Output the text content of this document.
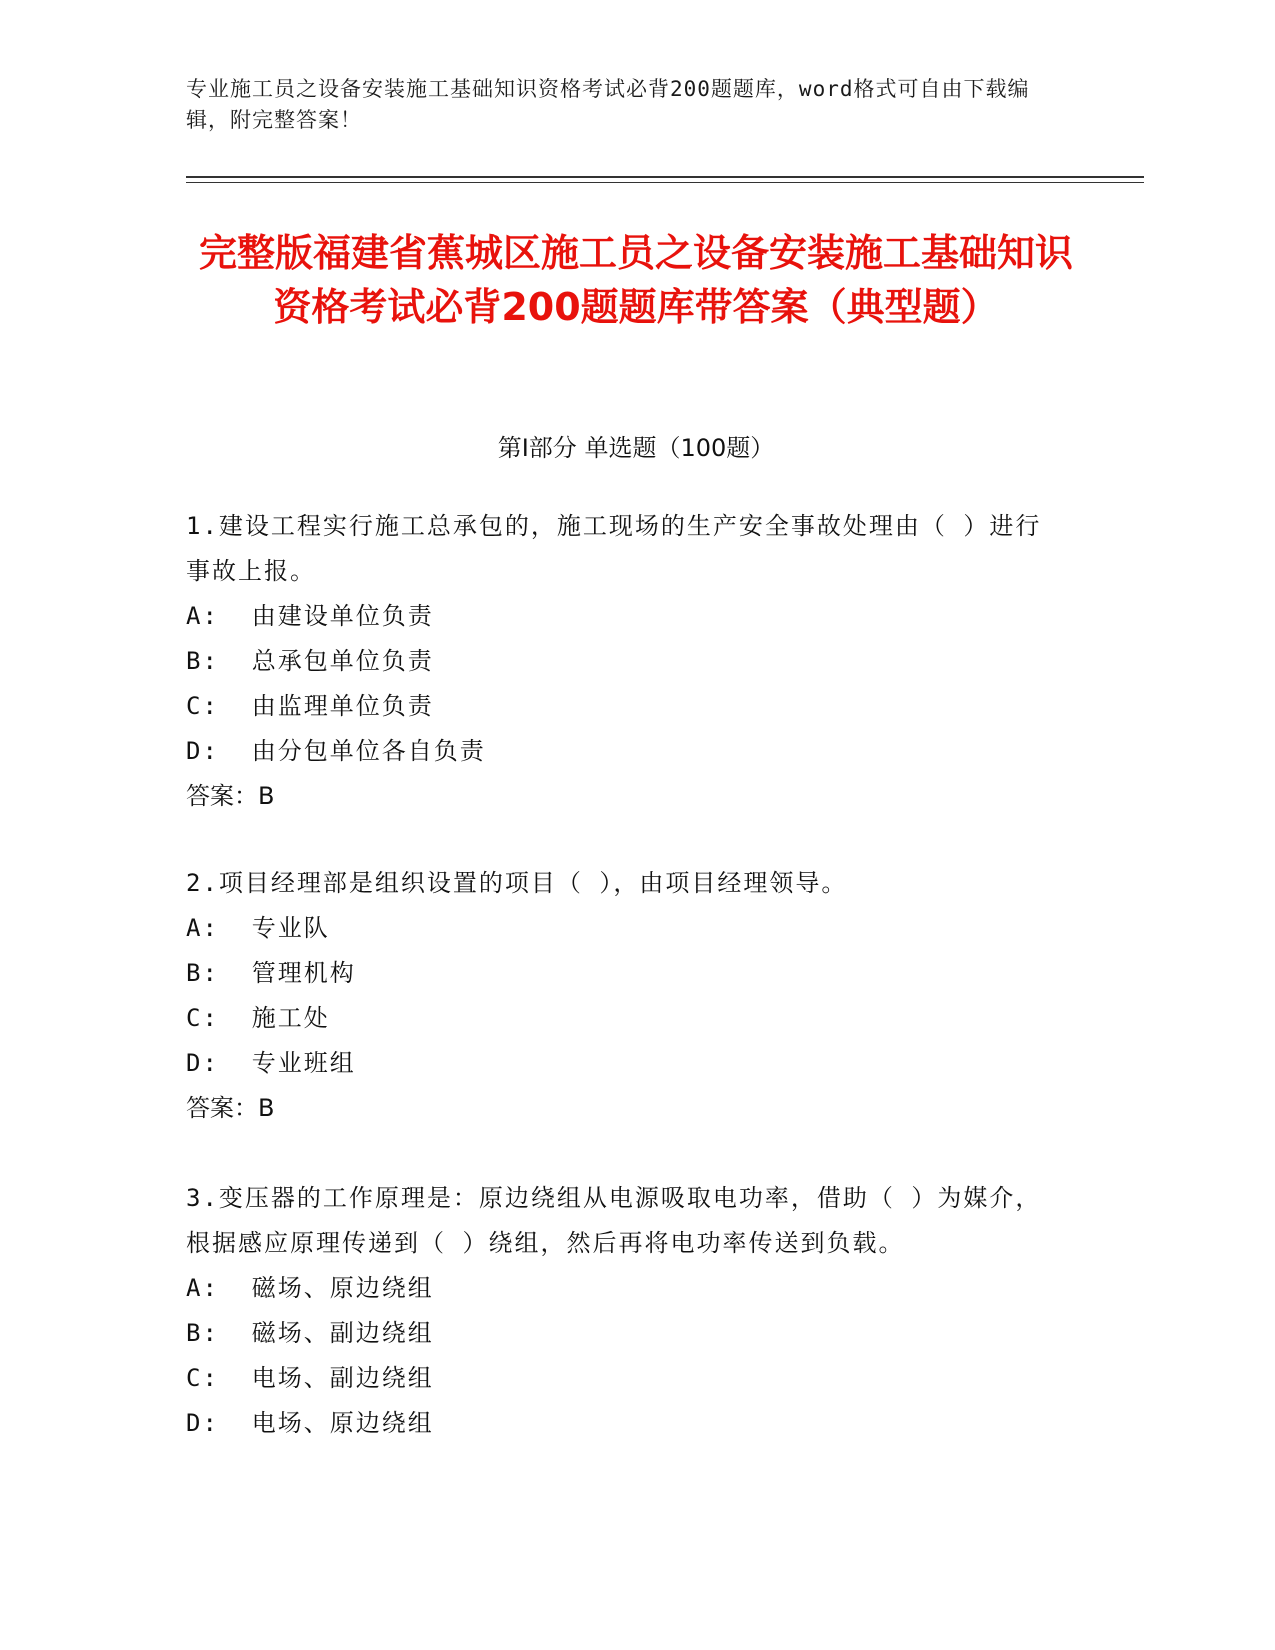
专业施工员之设备安装施工基础知识资格考试必背200题题库，word格式可自由下载编辑，附完整答案！
完整版福建省蕉城区施工员之设备安装施工基础知识资格考试必背200题题库带答案（典型题）
第I部分 单选题（100题）

1.建设工程实行施工总承包的，施工现场的生产安全事故处理由（ ）进行事故上报。

A:  由建设单位负责

B:  总承包单位负责

C:  由监理单位负责

D:  由分包单位各自负责

答案：B

2.项目经理部是组织设置的项目（ ），由项目经理领导。

A:  专业队

B:  管理机构

C:  施工处

D:  专业班组

答案：B

3.变压器的工作原理是：原边绕组从电源吸取电功率，借助（ ）为媒介，根据感应原理传递到（ ）绕组，然后再将电功率传送到负载。

A:  磁场、原边绕组

B:  磁场、副边绕组

C:  电场、副边绕组

D:  电场、原边绕组
